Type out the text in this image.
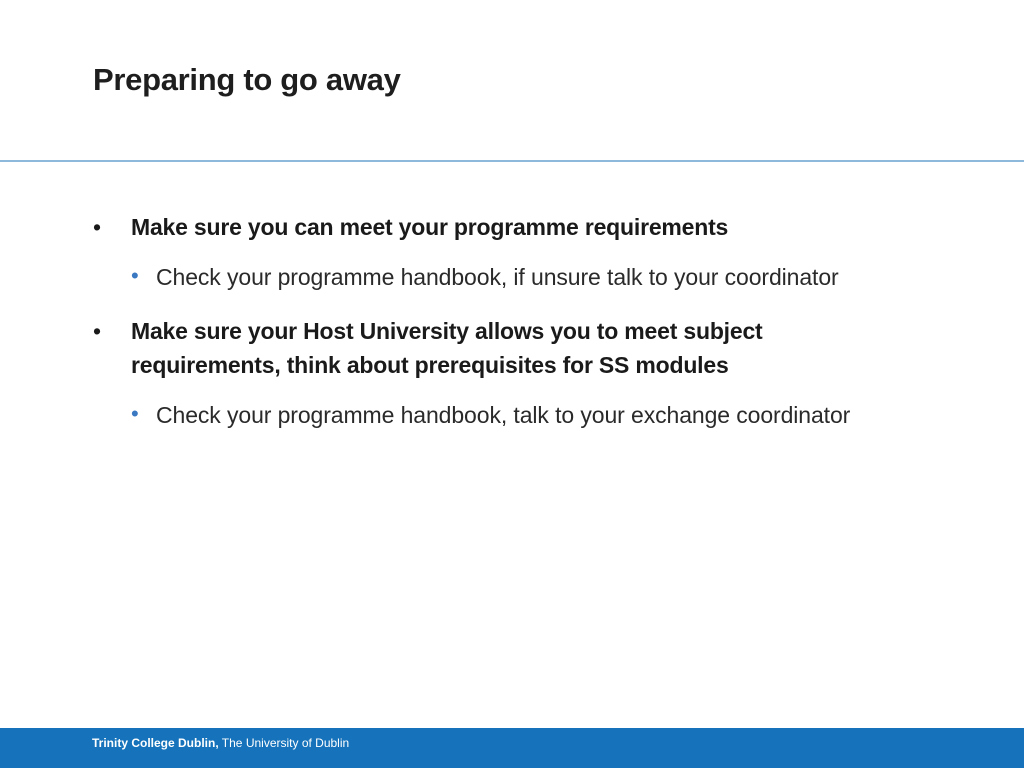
Preparing to go away
• Make sure you can meet your programme requirements
• Check your programme handbook, if unsure talk to your coordinator
• Make sure your Host University allows you to meet subject requirements, think about prerequisites for SS modules
• Check your programme handbook, talk to your exchange coordinator
Trinity College Dublin, The University of Dublin
